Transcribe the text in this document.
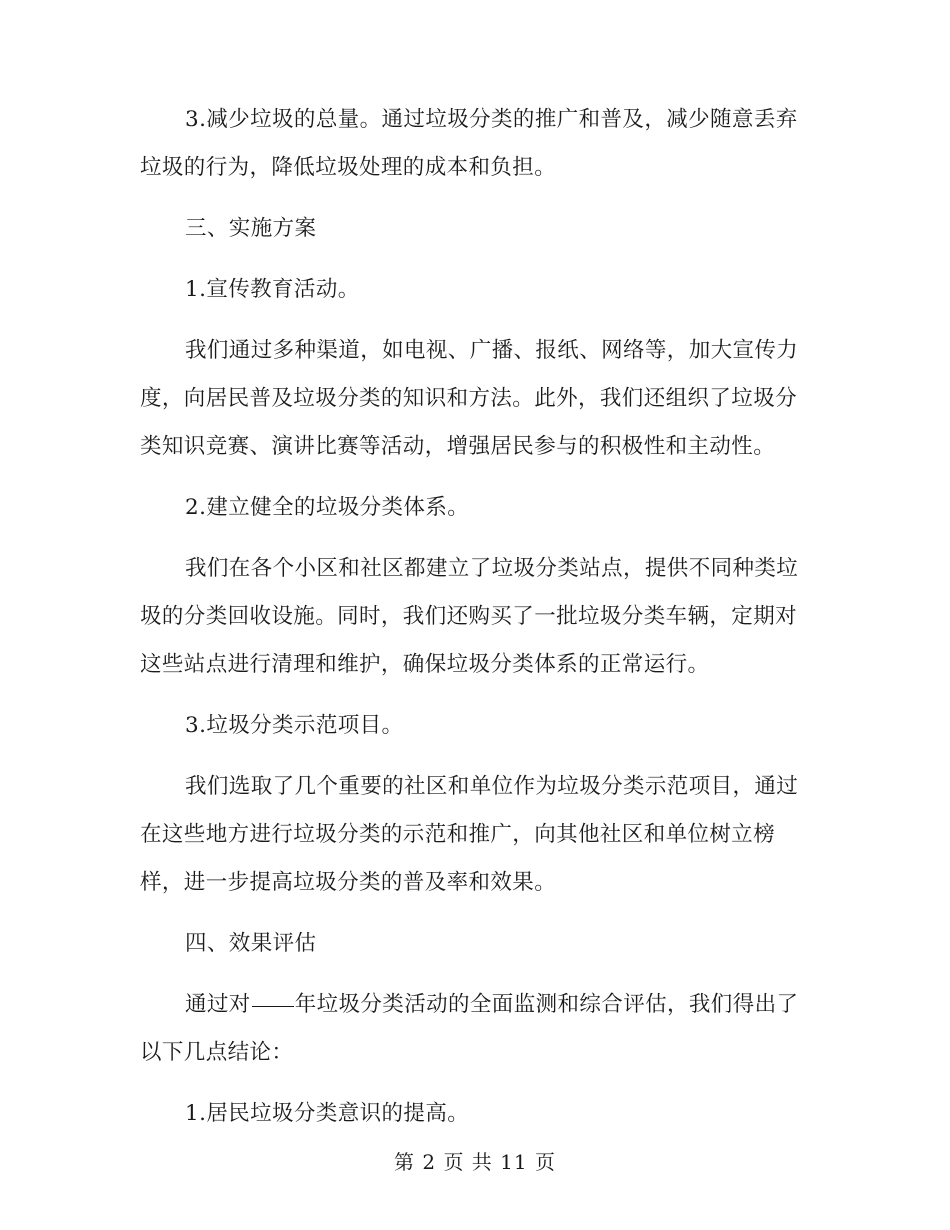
3.减少垃圾的总量。通过垃圾分类的推广和普及，减少随意丢弃垃圾的行为，降低垃圾处理的成本和负担。

三、实施方案

1.宣传教育活动。

我们通过多种渠道，如电视、广播、报纸、网络等，加大宣传力度，向居民普及垃圾分类的知识和方法。此外，我们还组织了垃圾分类知识竞赛、演讲比赛等活动，增强居民参与的积极性和主动性。

2.建立健全的垃圾分类体系。

我们在各个小区和社区都建立了垃圾分类站点，提供不同种类垃圾的分类回收设施。同时，我们还购买了一批垃圾分类车辆，定期对这些站点进行清理和维护，确保垃圾分类体系的正常运行。

3.垃圾分类示范项目。

我们选取了几个重要的社区和单位作为垃圾分类示范项目，通过在这些地方进行垃圾分类的示范和推广，向其他社区和单位树立榜样，进一步提高垃圾分类的普及率和效果。

四、效果评估

通过对 年垃圾分类活动的全面监测和综合评估，我们得出了以下几点结论：

1.居民垃圾分类意识的提高。

第 2 页 共 11 页
